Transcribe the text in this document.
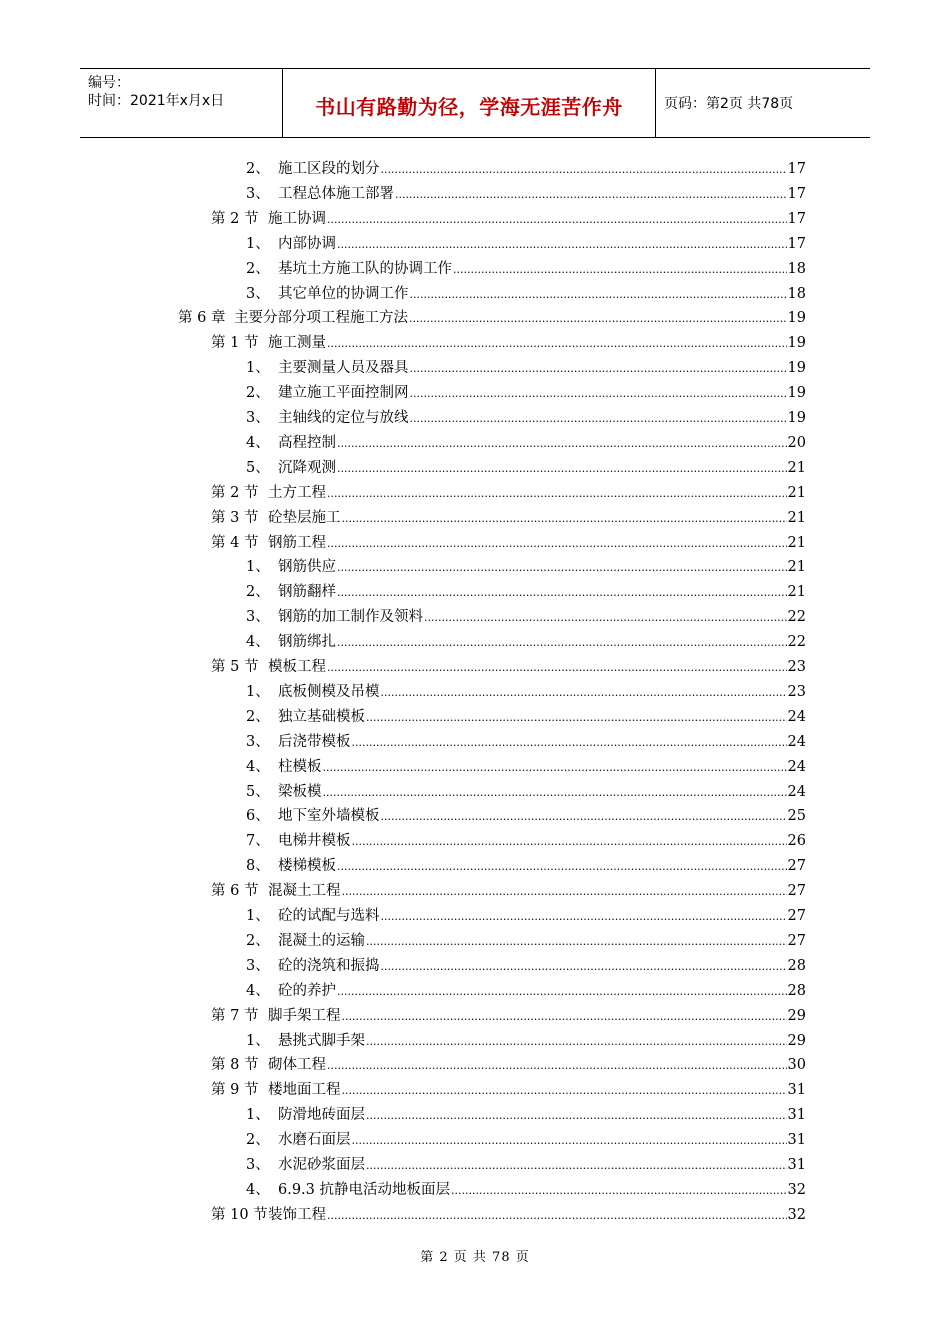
编号：
时间：2021年x月x日	书山有路勤为径，学海无涯苦作舟	页码：第2页 共78页
2、 施工区段的划分 .....	17
3、 工程总体施工部署 .....	17
第 2 节 施工协调 .....	17
1、 内部协调 .....	17
2、 基坑土方施工队的协调工作 .....	18
3、 其它单位的协调工作 .....	18
第 6 章 主要分部分项工程施工方法 .....	19
第 1 节 施工测量 .....	19
1、 主要测量人员及器具 .....	19
2、 建立施工平面控制网 .....	19
3、 主轴线的定位与放线 .....	19
4、 高程控制 .....	20
5、 沉降观测 .....	21
第 2 节 土方工程 .....	21
第 3 节 砼垫层施工 .....	21
第 4 节 钢筋工程 .....	21
1、 钢筋供应 .....	21
2、 钢筋翻样 .....	21
3、 钢筋的加工制作及领料 .....	22
4、 钢筋绑扎 .....	22
第 5 节 模板工程 .....	23
1、 底板侧模及吊模 .....	23
2、 独立基础模板 .....	24
3、 后浇带模板 .....	24
4、 柱模板 .....	24
5、 梁板模 .....	24
6、 地下室外墙模板 .....	25
7、 电梯井模板 .....	26
8、 楼梯模板 .....	27
第 6 节 混凝土工程 .....	27
1、 砼的试配与选料 .....	27
2、 混凝土的运输 .....	27
3、 砼的浇筑和振捣 .....	28
4、 砼的养护 .....	28
第 7 节 脚手架工程 .....	29
1、 悬挑式脚手架 .....	29
第 8 节 砌体工程 .....	30
第 9 节 楼地面工程 .....	31
1、 防滑地砖面层 .....	31
2、 水磨石面层 .....	31
3、 水泥砂浆面层 .....	31
4、 6.9.3 抗静电活动地板面层 .....	32
第 10 节 装饰工程 .....	32
第 2 页 共 78 页
